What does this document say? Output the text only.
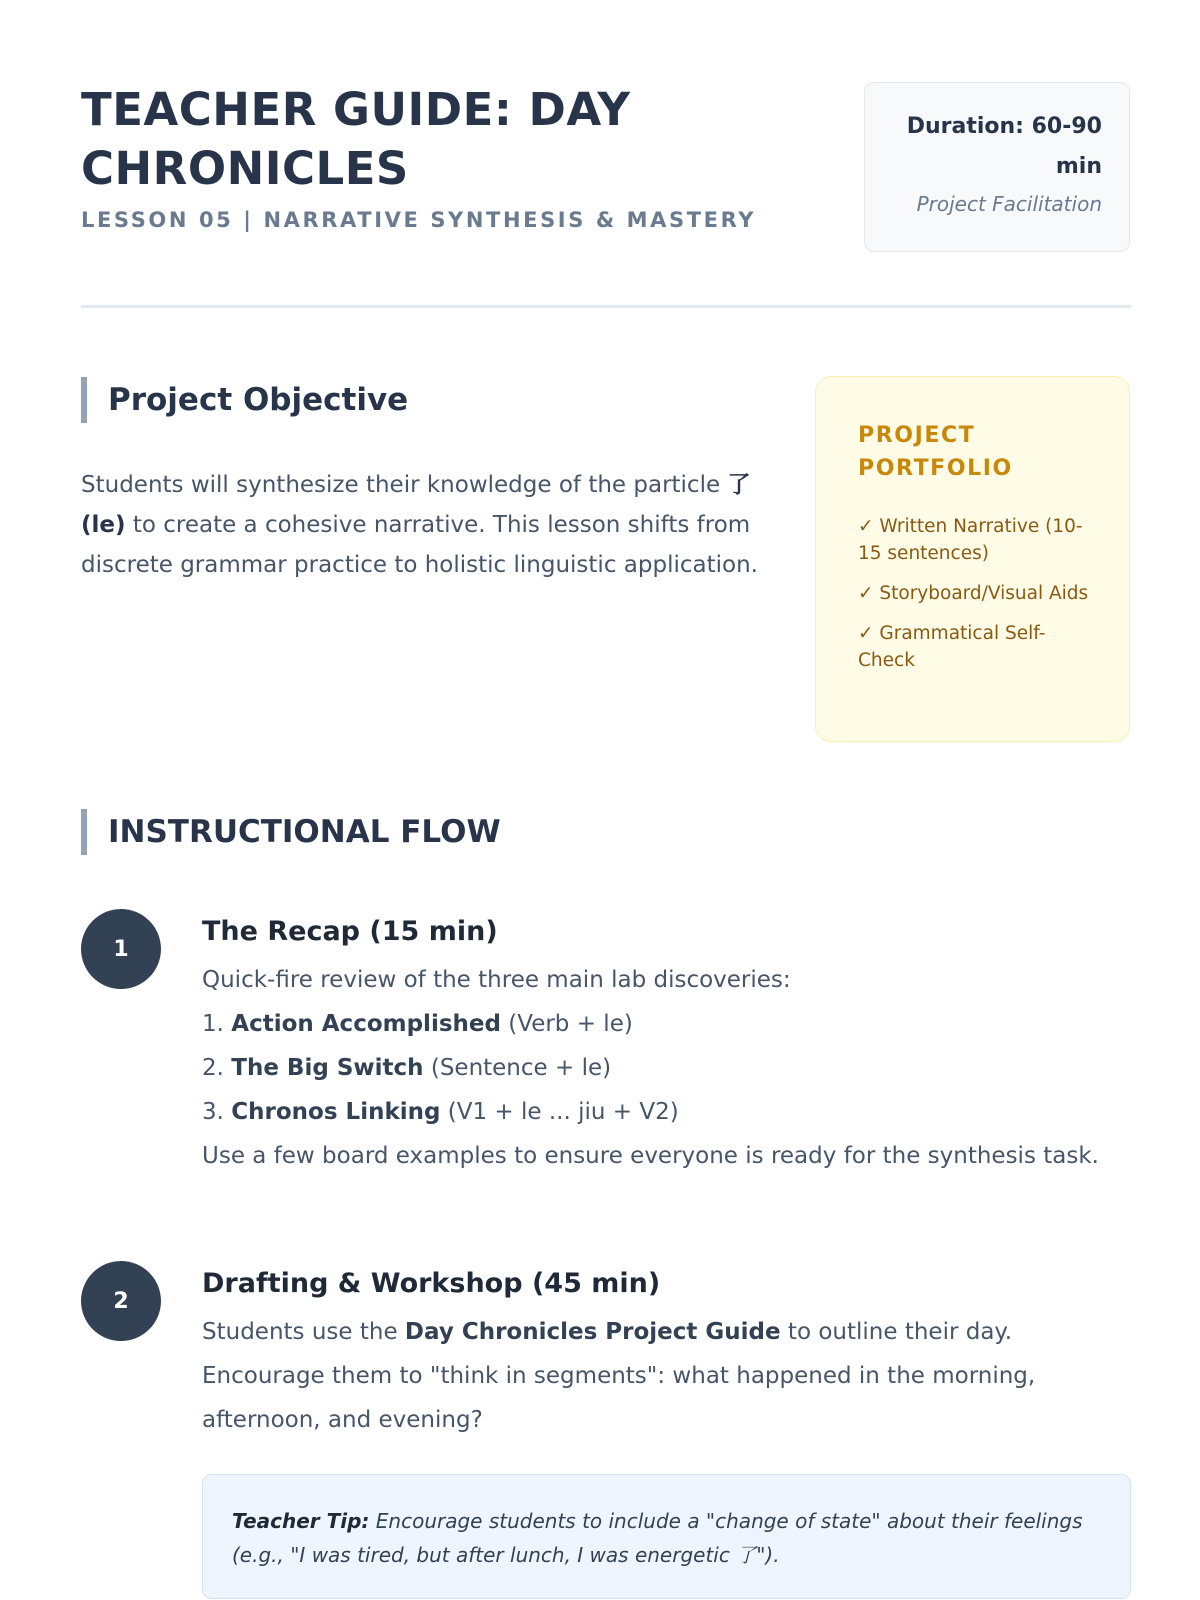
TEACHER GUIDE: DAY CHRONICLES
LESSON 05 | NARRATIVE SYNTHESIS & MASTERY
Duration: 60-90 min
Project Facilitation
Project Objective

Students will synthesize their knowledge of the particle 了 (le) to create a cohesive narrative. This lesson shifts from discrete grammar practice to holistic linguistic application.

PROJECT PORTFOLIO
✓ Written Narrative (10-15 sentences)
✓ Storyboard/Visual Aids
✓ Grammatical Self-Check
INSTRUCTIONAL FLOW
1
The Recap (15 min)
Quick-fire review of the three main lab discoveries:
1. Action Accomplished (Verb + le)
2. The Big Switch (Sentence + le)
3. Chronos Linking (V1 + le ... jiu + V2)
Use a few board examples to ensure everyone is ready for the synthesis task.
2
Drafting & Workshop (45 min)

Students use the Day Chronicles Project Guide to outline their day. Encourage them to "think in segments": what happened in the morning, afternoon, and evening?

Teacher Tip: Encourage students to include a "change of state" about their feelings (e.g., "I was tired, but after lunch, I was energetic 了").
